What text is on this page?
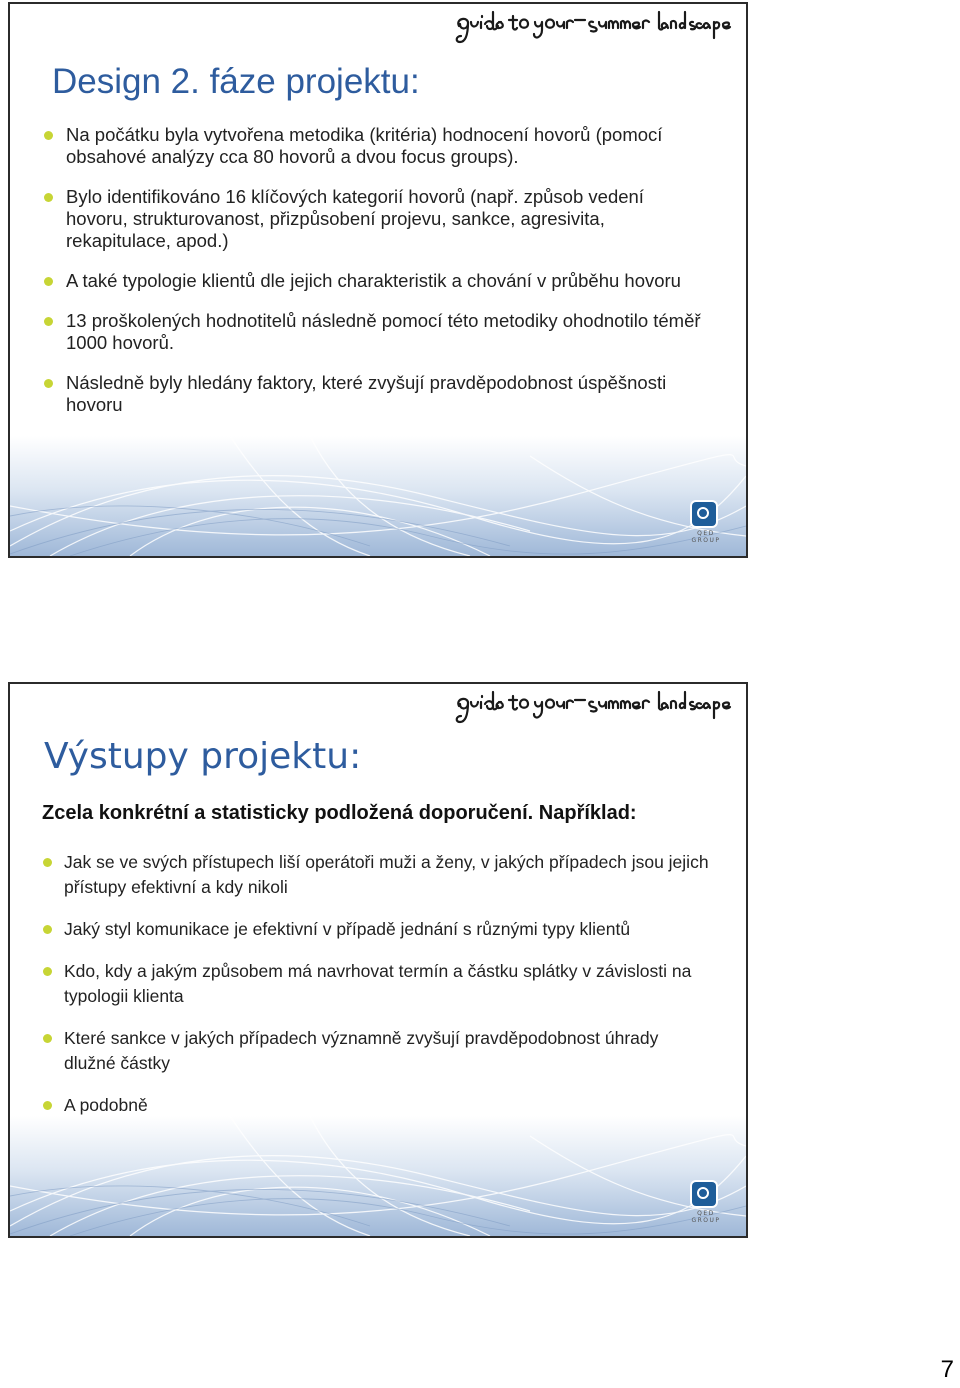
Design 2. fáze projektu:
Na počátku byla vytvořena metodika (kritéria) hodnocení hovorů (pomocí obsahové analýzy cca 80 hovorů a dvou focus groups).
Bylo identifikováno 16 klíčových kategorií hovorů (např. způsob vedení hovoru, strukturovanost, přizpůsobení projevu, sankce, agresivita, rekapitulace, apod.)
A také typologie klientů dle jejich charakteristik a chování v průběhu hovoru
13 proškolených hodnotitelů následně pomocí této metodiky ohodnotilo téměř 1000 hovorů.
Následně byly hledány faktory, které zvyšují pravděpodobnost úspěšnosti hovoru
QED GROUP
Výstupy projektu:

Zcela konkrétní a statisticky podložená doporučení. Například:

Jak se ve svých přístupech liší operátoři muži a ženy, v jakých případech jsou jejich přístupy efektivní a kdy nikoli
Jaký styl komunikace je efektivní v případě jednání s různými typy klientů
Kdo, kdy a jakým způsobem má navrhovat termín a částku splátky v závislosti na typologii klienta
Které sankce v jakých případech významně zvyšují pravděpodobnost úhrady dlužné částky
A podobně
QED GROUP
7
